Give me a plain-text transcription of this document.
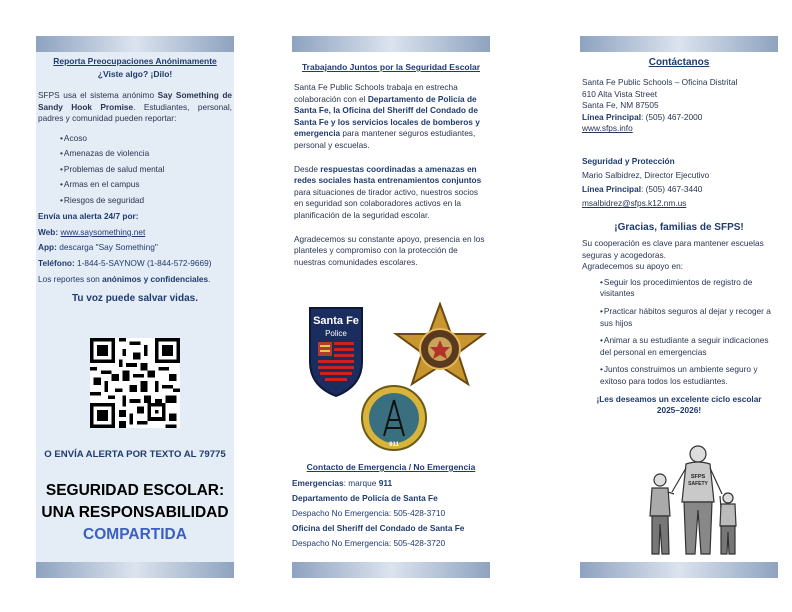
Reporta Preocupaciones Anónimamente
¿Viste algo? ¡Dilo!
SFPS usa el sistema anónimo Say Something de Sandy Hook Promise. Estudiantes, personal, padres y comunidad pueden reportar:
• Acoso
• Amenazas de violencia
• Problemas de salud mental
• Armas en el campus
• Riesgos de seguridad
Envía una alerta 24/7 por:
Web: www.saysomething.net
App: descarga "Say Something"
Teléfono: 1-844-5-SAYNOW (1-844-572-9669)
Los reportes son anónimos y confidenciales.
Tu voz puede salvar vidas.
O ENVÍA ALERTA POR TEXTO AL 79775
SEGURIDAD ESCOLAR:
UNA RESPONSABILIDAD
COMPARTIDA
Trabajando Juntos por la Seguridad Escolar
Santa Fe Public Schools trabaja en estrecha colaboración con el Departamento de Policía de Santa Fe, la Oficina del Sheriff del Condado de Santa Fe y los servicios locales de bomberos y emergencia para mantener seguros estudiantes, personal y escuelas.
Desde respuestas coordinadas a amenazas en redes sociales hasta entrenamientos conjuntos para situaciones de tirador activo, nuestros socios en seguridad son colaboradores activos en la planificación de la seguridad escolar.
Agradecemos su constante apoyo, presencia en los planteles y compromiso con la protección de nuestras comunidades escolares.
Santa Fe
Police
911
Contacto de Emergencia / No Emergencia
Emergencias: marque 911
Departamento de Policía de Santa Fe
Despacho No Emergencia: 505-428-3710
Oficina del Sheriff del Condado de Santa Fe
Despacho No Emergencia: 505-428-3720
Contáctanos
Santa Fe Public Schools – Oficina Distrital
610 Alta Vista Street
Santa Fe, NM 87505
Línea Principal: (505) 467-2000
www.sfps.info
Seguridad y Protección
Mario Salbidrez, Director Ejecutivo
Línea Principal: (505) 467-3440
msalbidrez@sfps.k12.nm.us
¡Gracias, familias de SFPS!
Su cooperación es clave para mantener escuelas seguras y acogedoras.
Agradecemos su apoyo en:
• Seguir los procedimientos de registro de visitantes
• Practicar hábitos seguros al dejar y recoger a sus hijos
• Animar a su estudiante a seguir indicaciones del personal en emergencias
• Juntos construimos un ambiente seguro y exitoso para todos los estudiantes.
¡Les deseamos un excelente ciclo escolar
2025–2026!
SFPS
SAFETY
